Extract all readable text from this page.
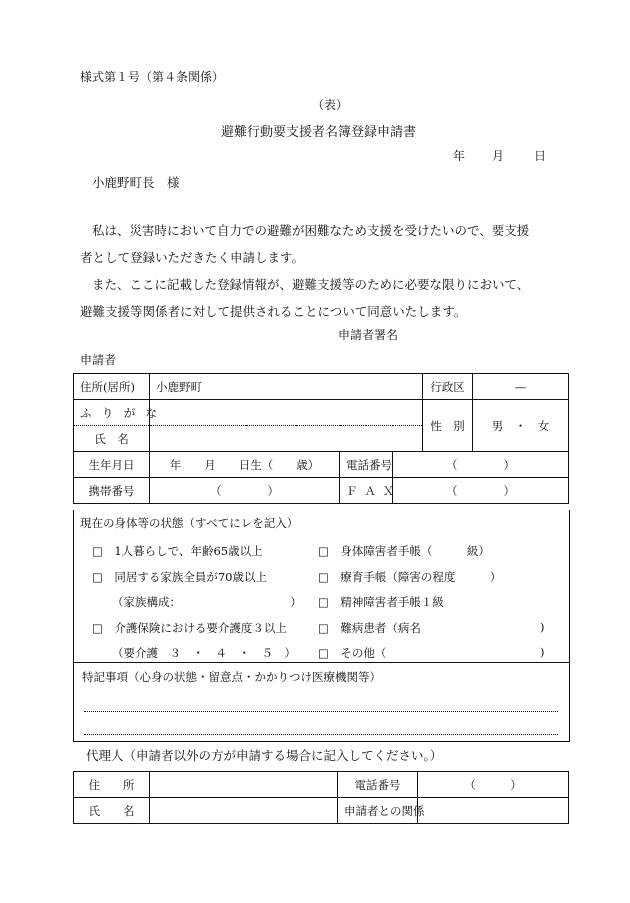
様式第１号（第４条関係）
（表）
避難行動要支援者名簿登録申請書
年 月 日
小鹿野町長　様
私は、災害時において自力での避難が困難なため支援を受けたいので、要支援
者として登録いただきたく申請します。
また、ここに記載した登録情報が、避難支援等のために必要な限りにおいて、
避難支援等関係者に対して提供されることについて同意いたします。
申請者署名
申請者
住所(居所)	小鹿野町			行政区	—
ふりがな				性　別	男　・　女
氏　名					
生年月日	年　　月　　日生（　　歳）	電話番号	（　　　　）		
携帯番号	（　　　　）	ＦＡＸ	（　　　　）		
現在の身体等の状態（すべてにレを記入）
□　1人暮らしで、年齢65歳以上
□　同居する家族全員が70歳以上
（家族構成：　　　　　　　　　　）
□　介護保険における要介護度３以上
（要介護　３　・　４　・　５　）
□　身体障害者手帳（　　　級）
□　療育手帳（障害の程度　　　）
□　精神障害者手帳１級
□　難病患者（病名	)
□　その他（	)
特記事項（心身の状態・留意点・かかりつけ医療機関等）
代理人（申請者以外の方が申請する場合に記入してください。）
住　　所		電話番号	（　　　）
氏　　名		申請者との関係	
